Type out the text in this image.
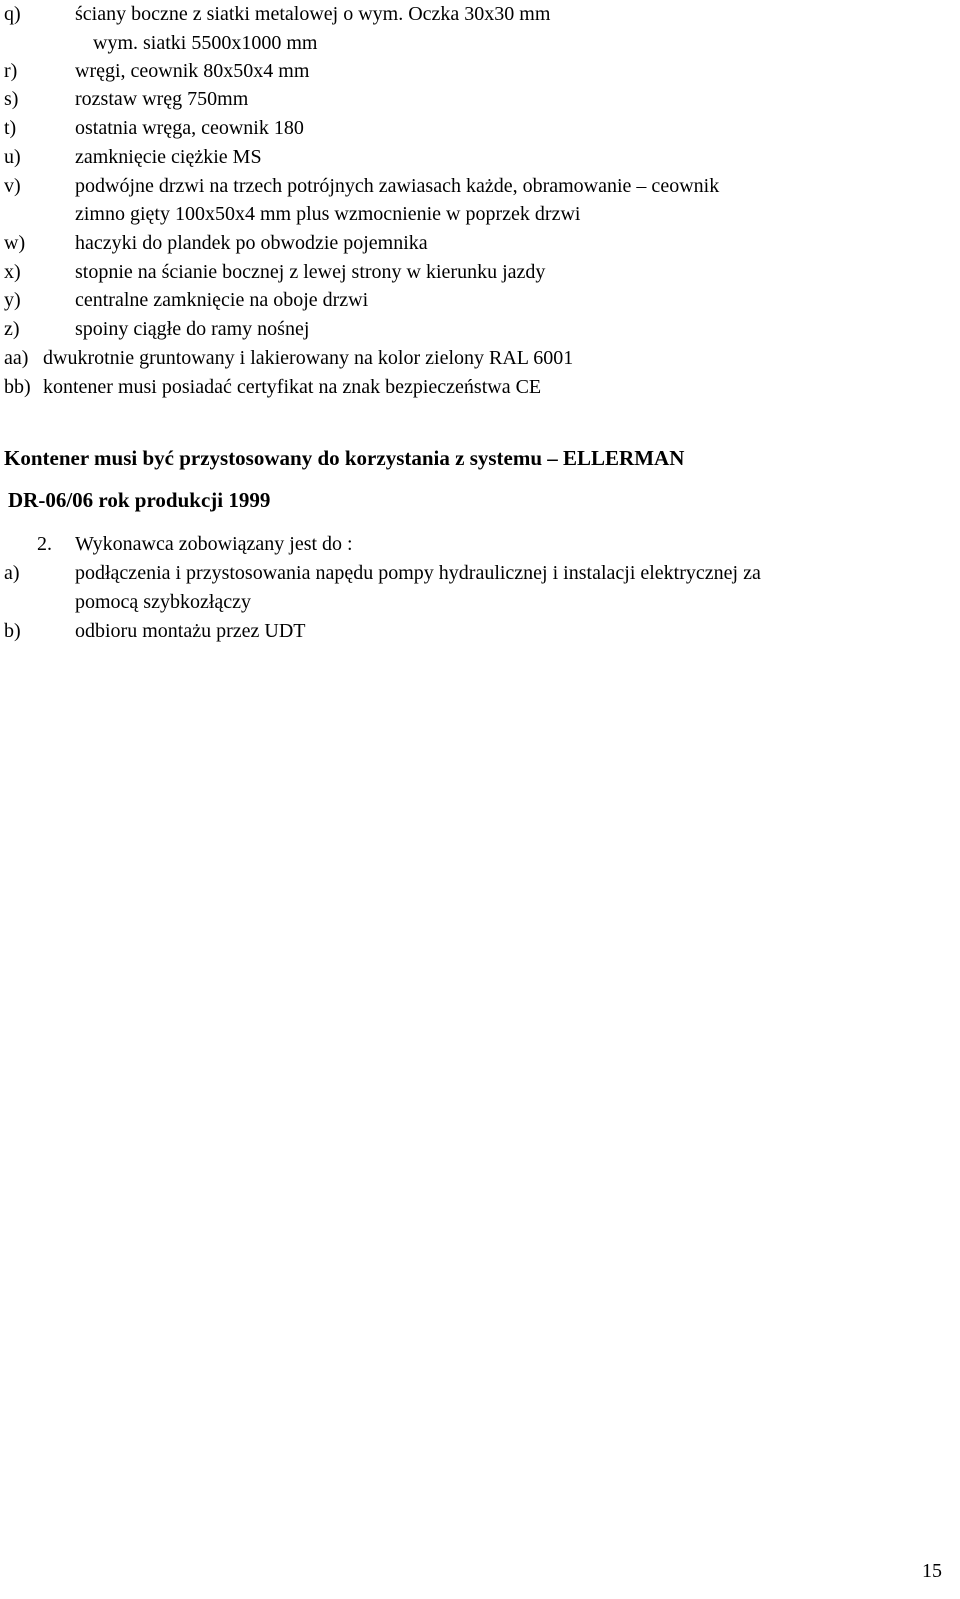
q)	ściany boczne z siatki metalowej o wym. Oczka 30x30 mm
wym. siatki 5500x1000 mm
r)	wręgi, ceownik 80x50x4 mm
s)	rozstaw wręg 750mm
t)	ostatnia wręga, ceownik 180
u)	zamknięcie ciężkie MS
v)	podwójne drzwi na trzech potrójnych zawiasach każde, obramowanie – ceownik
zimno gięty 100x50x4 mm plus wzmocnienie w poprzek drzwi
w) haczyki do plandek po obwodzie pojemnika
x)	stopnie na ścianie bocznej z lewej strony w kierunku jazdy
y)	centralne zamknięcie na oboje drzwi
z)	spoiny ciągłe do ramy nośnej
aa) dwukrotnie gruntowany i lakierowany na kolor zielony RAL 6001
bb) kontener musi posiadać certyfikat na znak bezpieczeństwa CE
Kontener musi być przystosowany do korzystania z systemu – ELLERMAN
DR-06/06 rok produkcji 1999
2. Wykonawca zobowiązany jest do :
a)	podłączenia i przystosowania napędu pompy hydraulicznej i instalacji elektrycznej za
pomocą szybkozłączy
b)	odbioru montażu przez UDT
15
